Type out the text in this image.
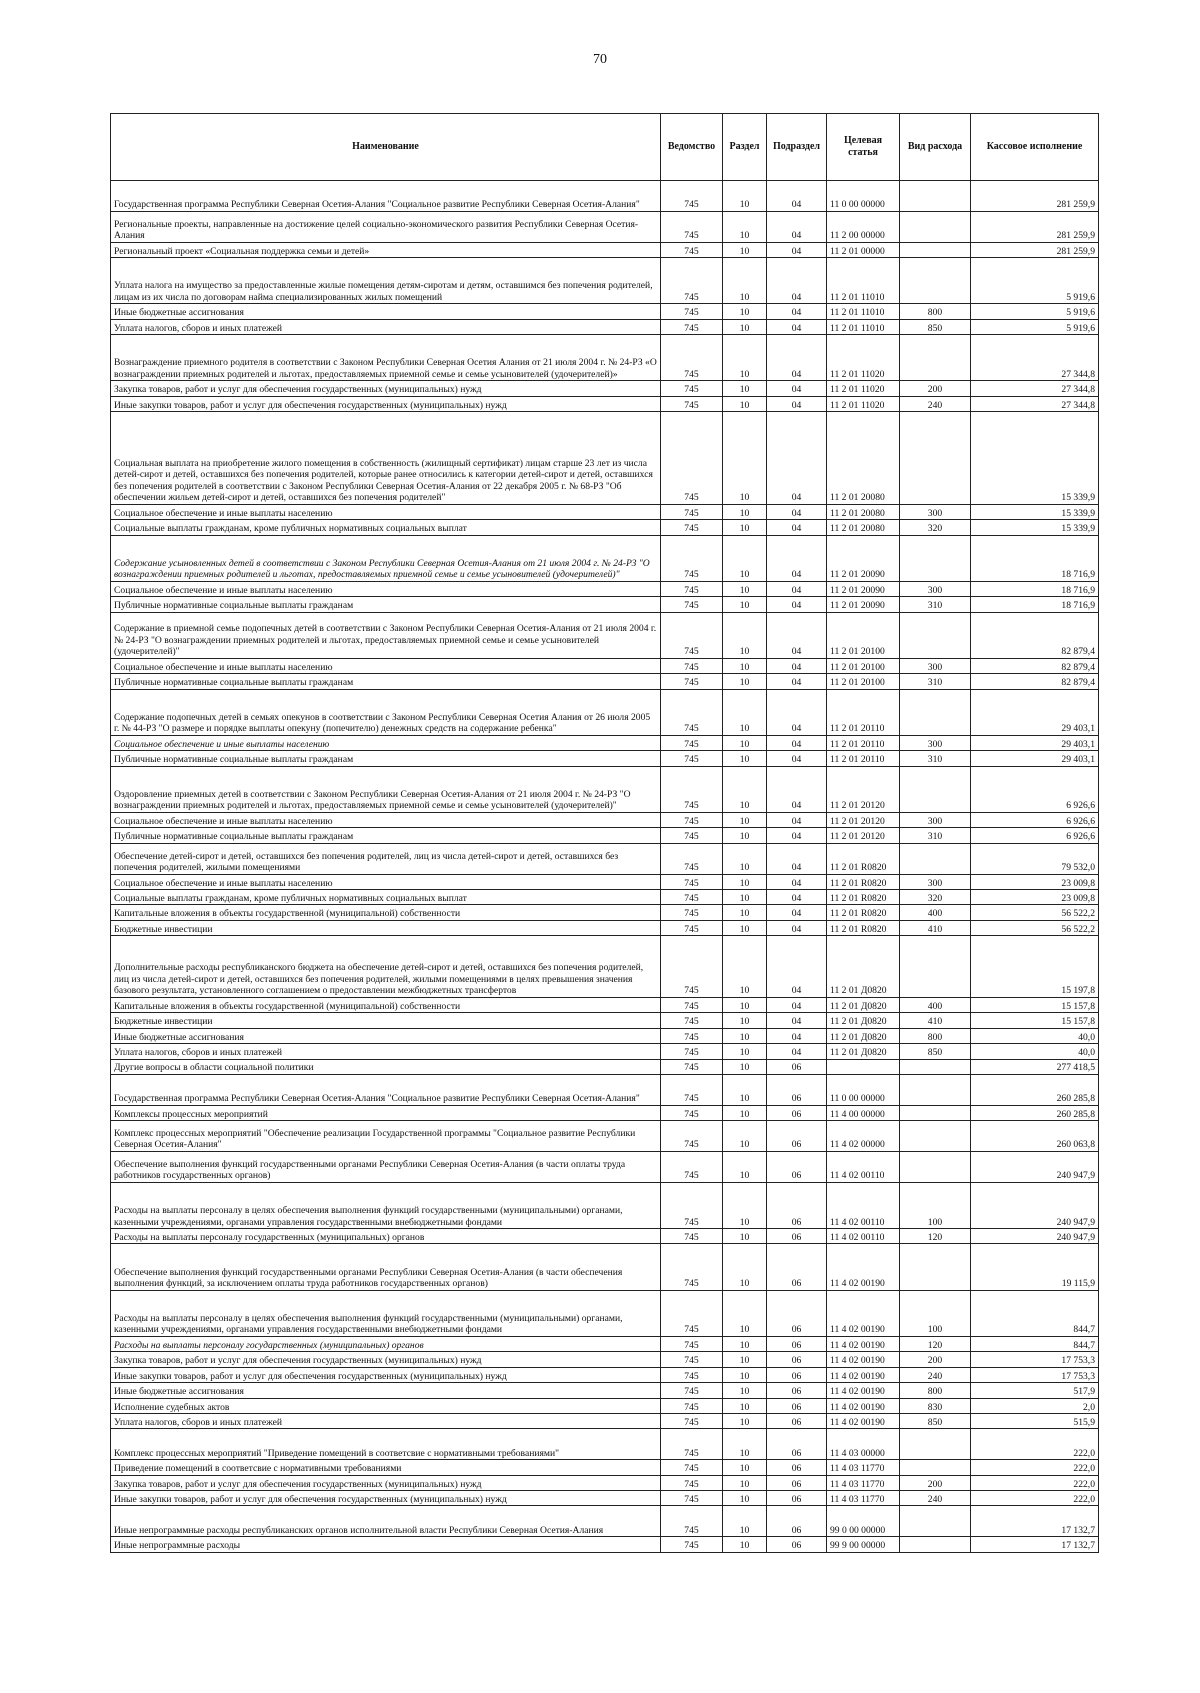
70
Наименование	Ведомство	Раздел	Подраздел	Целевая статья	Вид расхода	Кассовое исполнение
Государственная программа Республики Северная Осетия-Алания "Социальное развитие Республики Северная Осетия-Алания"	745	10	04	11 0 00 00000		281 259,9
Региональные проекты, направленные на достижение целей социально-экономического развития Республики Северная Осетия-Алания	745	10	04	11 2 00 00000		281 259,9
Региональный проект «Социальная поддержка семьи и детей»	745	10	04	11 2 01 00000		281 259,9
Уплата налога на имущество за предоставленные жилые помещения детям-сиротам и детям, оставшимся без попечения родителей, лицам из их числа по договорам найма специализированных жилых помещений	745	10	04	11 2 01 11010		5 919,6
Иные бюджетные ассигнования	745	10	04	11 2 01 11010	800	5 919,6
Уплата налогов, сборов и иных платежей	745	10	04	11 2 01 11010	850	5 919,6
Вознаграждение приемного родителя в соответствии с Законом Республики Северная Осетия Алания от 21 июля 2004 г. № 24-РЗ «О вознаграждении приемных родителей и льготах, предоставляемых приемной семье и семье усыновителей (удочерителей)»	745	10	04	11 2 01 11020		27 344,8
Закупка товаров, работ и услуг для обеспечения государственных (муниципальных) нужд	745	10	04	11 2 01 11020	200	27 344,8
Иные закупки товаров, работ и услуг для обеспечения государственных (муниципальных) нужд	745	10	04	11 2 01 11020	240	27 344,8
Социальная выплата на приобретение жилого помещения в собственность (жилищный сертификат) лицам старше 23 лет из числа детей-сирот и детей, оставшихся без попечения родителей, которые ранее относились к категории детей-сирот и детей, оставшихся без попечения родителей в соответствии с Законом Республики Северная Осетия-Алания от 22 декабря 2005 г. № 68-РЗ "Об обеспечении жильем детей-сирот и детей, оставшихся без попечения родителей"	745	10	04	11 2 01 20080		15 339,9
Социальное обеспечение и иные выплаты населению	745	10	04	11 2 01 20080	300	15 339,9
Социальные выплаты гражданам, кроме публичных нормативных социальных выплат	745	10	04	11 2 01 20080	320	15 339,9
Содержание усыновленных детей в соответствии с Законом Республики Северная Осетия-Алания от 21 июля 2004 г. № 24-РЗ "О вознаграждении приемных родителей и льготах, предоставляемых приемной семье и семье усыновителей (удочерителей)"	745	10	04	11 2 01 20090		18 716,9
Социальное обеспечение и иные выплаты населению	745	10	04	11 2 01 20090	300	18 716,9
Публичные нормативные социальные выплаты гражданам	745	10	04	11 2 01 20090	310	18 716,9
Содержание в приемной семье подопечных детей в соответствии с Законом Республики Северная Осетия-Алания от 21 июля 2004 г. № 24-РЗ "О вознаграждении приемных родителей и льготах, предоставляемых приемной семье и семье усыновителей (удочерителей)"	745	10	04	11 2 01 20100		82 879,4
Социальное обеспечение и иные выплаты населению	745	10	04	11 2 01 20100	300	82 879,4
Публичные нормативные социальные выплаты гражданам	745	10	04	11 2 01 20100	310	82 879,4
Содержание подопечных детей в семьях опекунов в соответствии с Законом Республики Северная Осетия Алания от 26 июля 2005 г. № 44-РЗ "О размере и порядке выплаты опекуну (попечителю) денежных средств на содержание ребенка"	745	10	04	11 2 01 20110		29 403,1
Социальное обеспечение и иные выплаты населению	745	10	04	11 2 01 20110	300	29 403,1
Публичные нормативные социальные выплаты гражданам	745	10	04	11 2 01 20110	310	29 403,1
Оздоровление приемных детей в соответствии с Законом Республики Северная Осетия-Алания от 21 июля 2004 г. № 24-РЗ "О вознаграждении приемных родителей и льготах, предоставляемых приемной семье и семье усыновителей (удочерителей)"	745	10	04	11 2 01 20120		6 926,6
Социальное обеспечение и иные выплаты населению	745	10	04	11 2 01 20120	300	6 926,6
Публичные нормативные социальные выплаты гражданам	745	10	04	11 2 01 20120	310	6 926,6
Обеспечение детей-сирот и детей, оставшихся без попечения родителей, лиц из числа детей-сирот и детей, оставшихся без попечения родителей, жилыми помещениями	745	10	04	11 2 01 R0820		79 532,0
Социальное обеспечение и иные выплаты населению	745	10	04	11 2 01 R0820	300	23 009,8
Социальные выплаты гражданам, кроме публичных нормативных социальных выплат	745	10	04	11 2 01 R0820	320	23 009,8
Капитальные вложения в объекты государственной (муниципальной) собственности	745	10	04	11 2 01 R0820	400	56 522,2
Бюджетные инвестиции	745	10	04	11 2 01 R0820	410	56 522,2
Дополнительные расходы республиканского бюджета на обеспечение детей-сирот и детей, оставшихся без попечения родителей, лиц из числа детей-сирот и детей, оставшихся без попечения родителей, жилыми помещениями в целях превышения значения базового результата, установленного соглашением о предоставлении межбюджетных трансфертов	745	10	04	11 2 01 Д0820		15 197,8
Капитальные вложения в объекты государственной (муниципальной) собственности	745	10	04	11 2 01 Д0820	400	15 157,8
Бюджетные инвестиции	745	10	04	11 2 01 Д0820	410	15 157,8
Иные бюджетные ассигнования	745	10	04	11 2 01 Д0820	800	40,0
Уплата налогов, сборов и иных платежей	745	10	04	11 2 01 Д0820	850	40,0
Другие вопросы в области социальной политики	745	10	06			277 418,5
Государственная программа Республики Северная Осетия-Алания "Социальное развитие Республики Северная Осетия-Алания"	745	10	06	11 0 00 00000		260 285,8
Комплексы процессных мероприятий	745	10	06	11 4 00 00000		260 285,8
Комплекс процессных мероприятий "Обеспечение реализации Государственной программы "Социальное развитие Республики Северная Осетия-Алания"	745	10	06	11 4 02 00000		260 063,8
Обеспечение выполнения функций государственными органами Республики Северная Осетия-Алания (в части оплаты труда работников государственных органов)	745	10	06	11 4 02 00110		240 947,9
Расходы на выплаты персоналу в целях обеспечения выполнения функций государственными (муниципальными) органами, казенными учреждениями, органами управления государственными внебюджетными фондами	745	10	06	11 4 02 00110	100	240 947,9
Расходы на выплаты персоналу государственных (муниципальных) органов	745	10	06	11 4 02 00110	120	240 947,9
Обеспечение выполнения функций государственными органами Республики Северная Осетия-Алания (в части обеспечения выполнения функций, за исключением оплаты труда работников государственных органов)	745	10	06	11 4 02 00190		19 115,9
Расходы на выплаты персоналу в целях обеспечения выполнения функций государственными (муниципальными) органами, казенными учреждениями, органами управления государственными внебюджетными фондами	745	10	06	11 4 02 00190	100	844,7
Расходы на выплаты персоналу государственных (муниципальных) органов	745	10	06	11 4 02 00190	120	844,7
Закупка товаров, работ и услуг для обеспечения государственных (муниципальных) нужд	745	10	06	11 4 02 00190	200	17 753,3
Иные закупки товаров, работ и услуг для обеспечения государственных (муниципальных) нужд	745	10	06	11 4 02 00190	240	17 753,3
Иные бюджетные ассигнования	745	10	06	11 4 02 00190	800	517,9
Исполнение судебных актов	745	10	06	11 4 02 00190	830	2,0
Уплата налогов, сборов и иных платежей	745	10	06	11 4 02 00190	850	515,9
Комплекс процессных мероприятий "Приведение помещений в соответсвие с нормативными требованиями"	745	10	06	11 4 03 00000		222,0
Приведение помещений в соответсвие с нормативными требованиями	745	10	06	11 4 03 11770		222,0
Закупка товаров, работ и услуг для обеспечения государственных (муниципальных) нужд	745	10	06	11 4 03 11770	200	222,0
Иные закупки товаров, работ и услуг для обеспечения государственных (муниципальных) нужд	745	10	06	11 4 03 11770	240	222,0
Иные непрограммные расходы республиканских органов исполнительной власти Республики Северная Осетия-Алания	745	10	06	99 0 00 00000		17 132,7
Иные непрограммные расходы	745	10	06	99 9 00 00000		17 132,7
